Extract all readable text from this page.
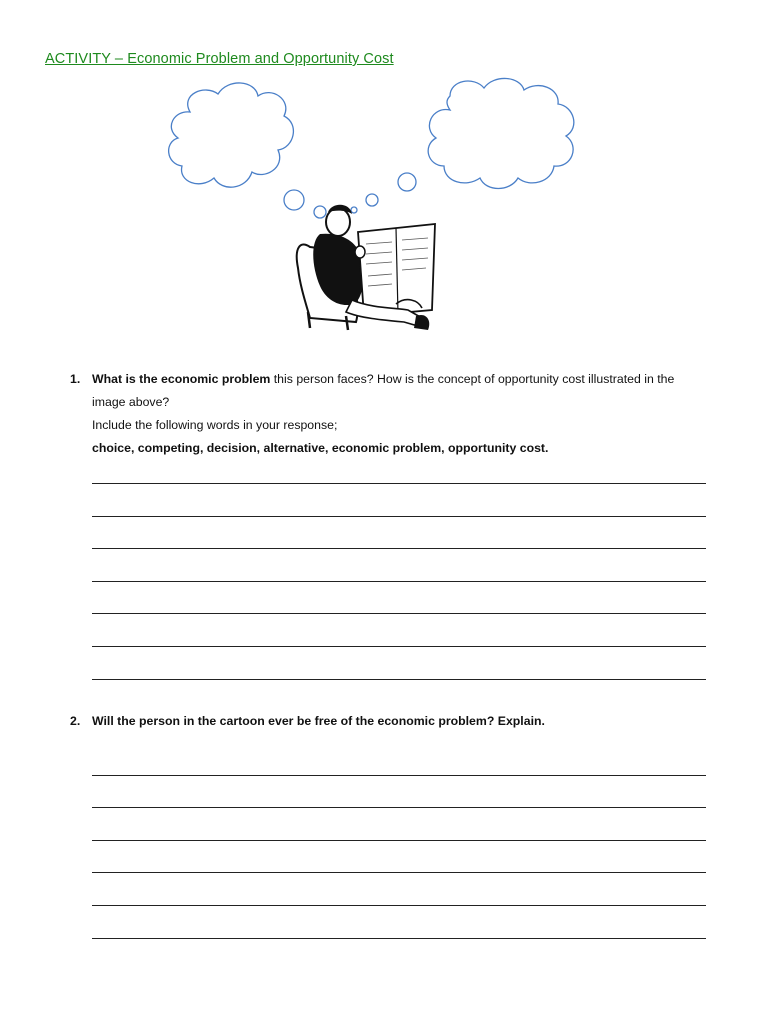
ACTIVITY – Economic Problem and Opportunity Cost
1. What is the economic problem this person faces? How is the concept of opportunity cost illustrated in the
image above?
Include the following words in your response;
choice, competing, decision, alternative, economic problem, opportunity cost.
2. Will the person in the cartoon ever be free of the economic problem? Explain.
